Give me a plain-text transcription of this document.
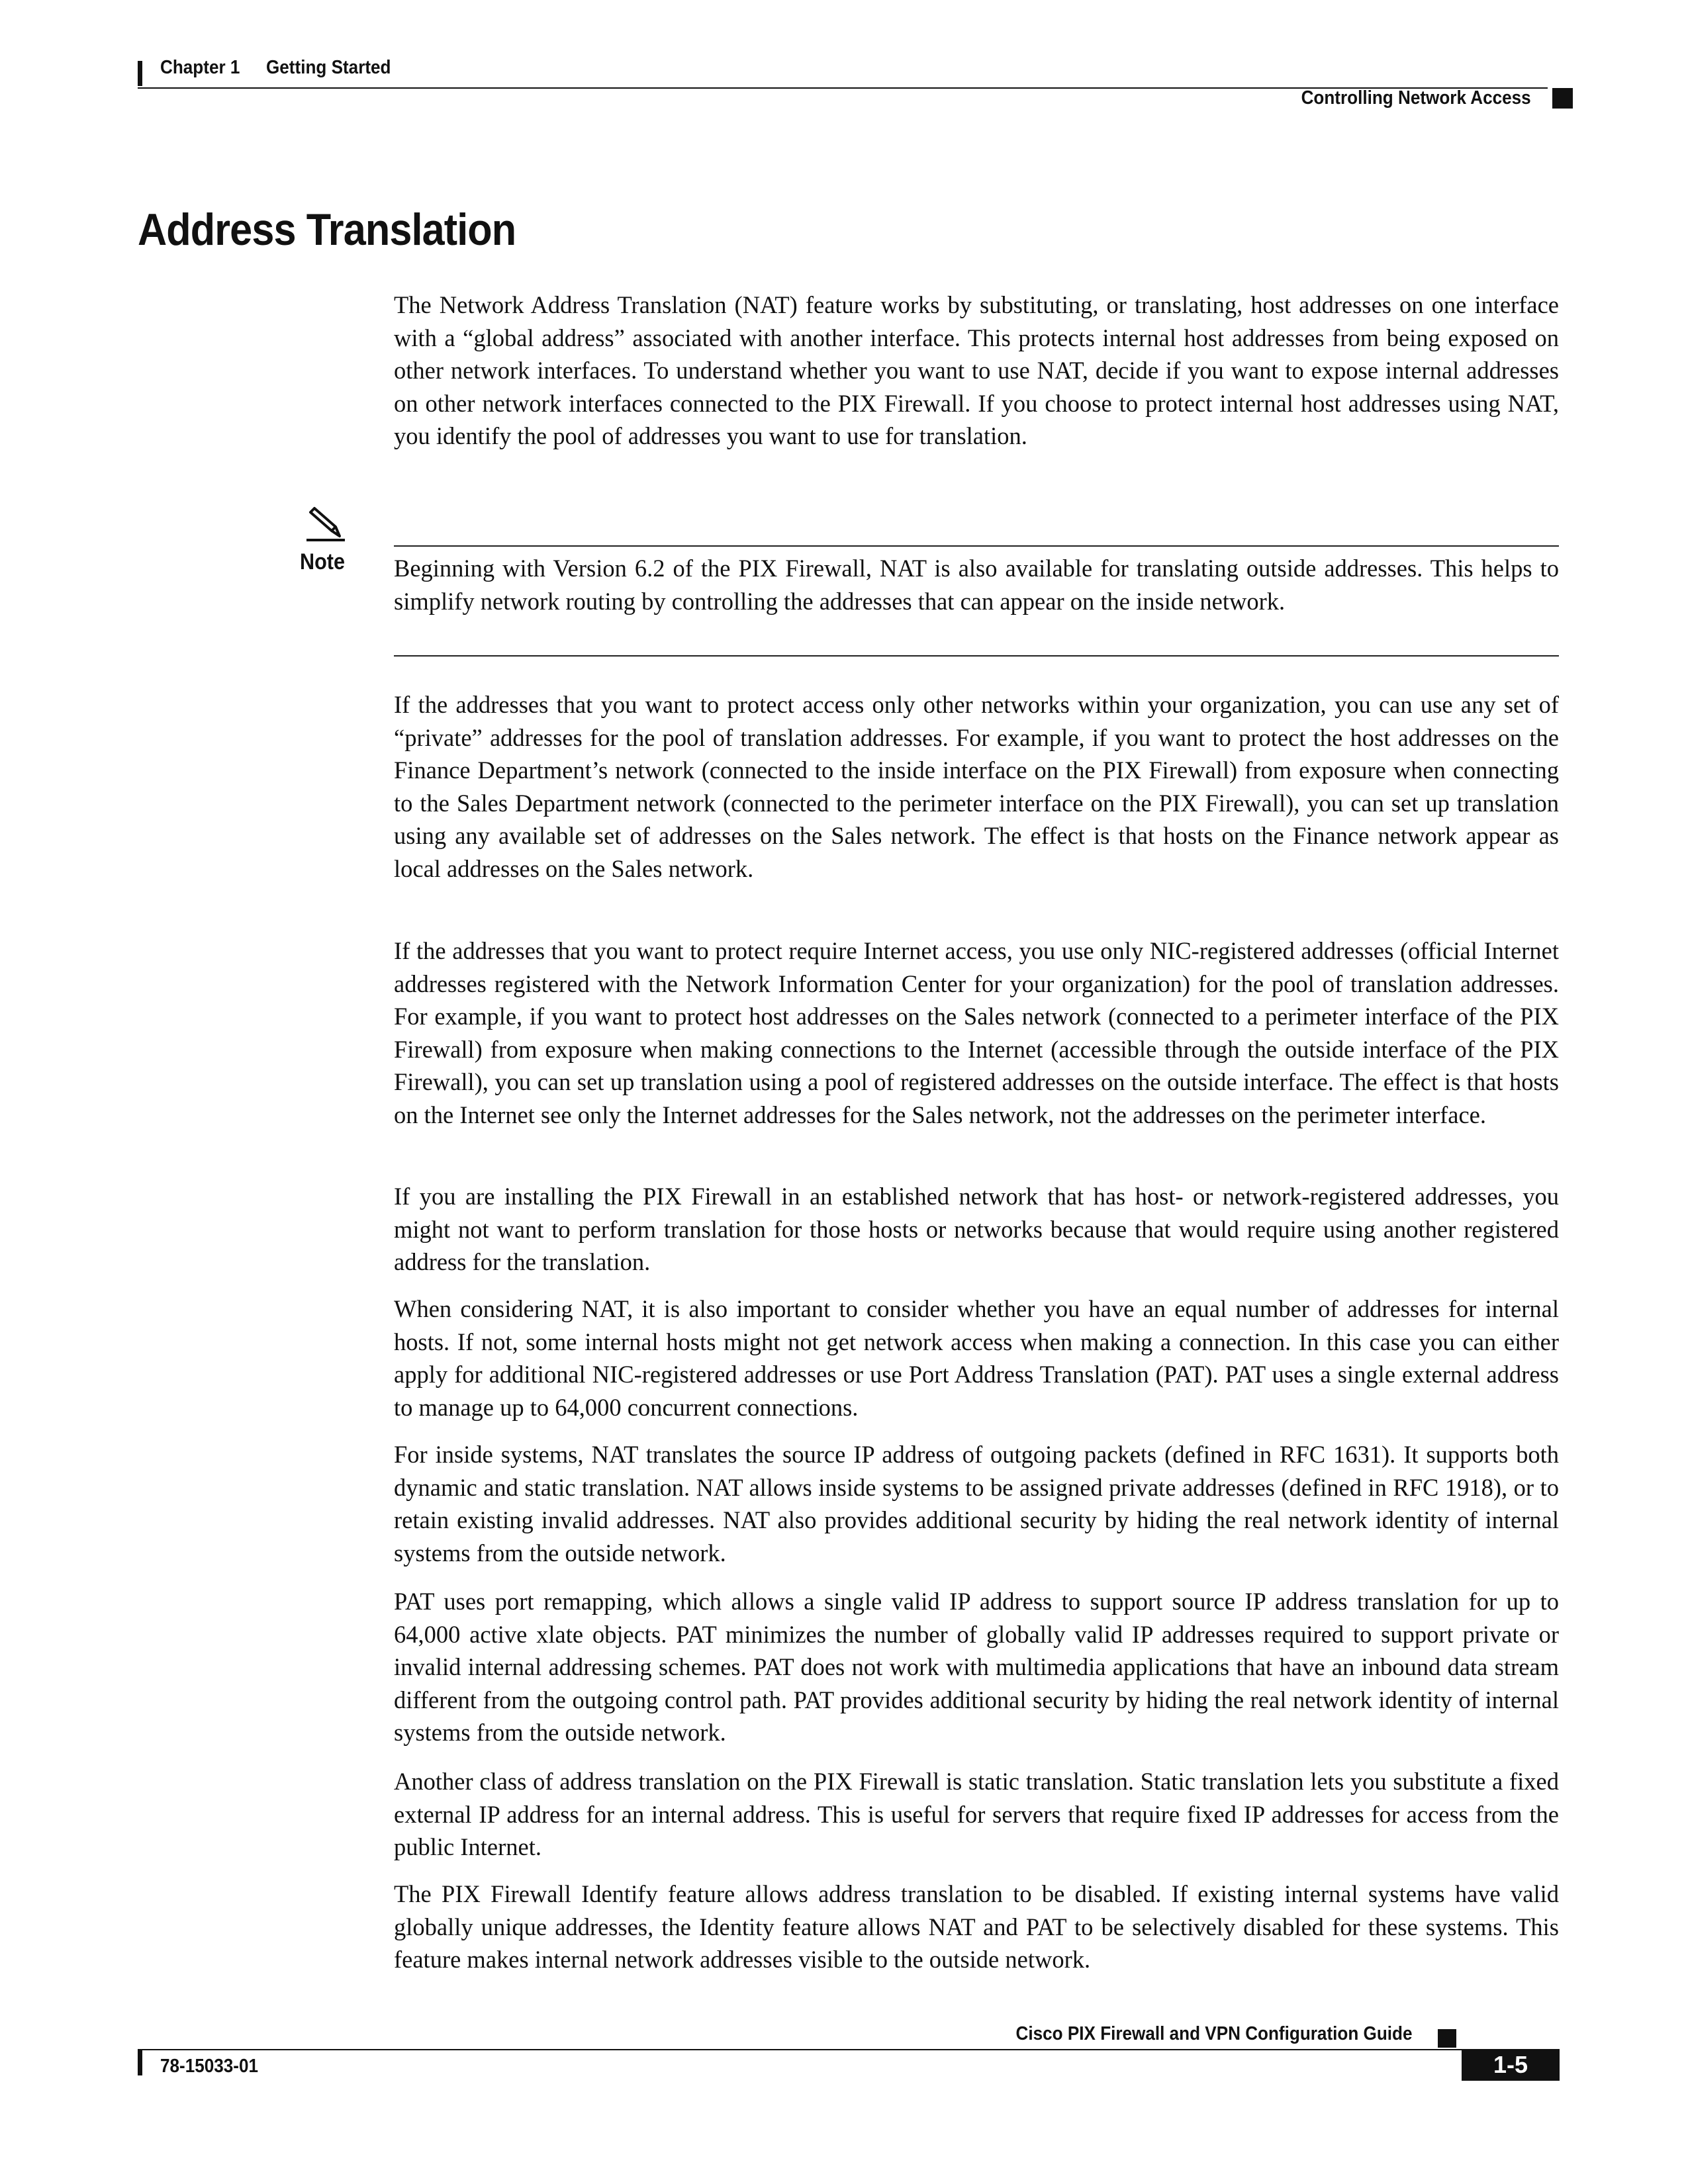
Chapter 1 Getting Started
Controlling Network Access
Address Translation

The Network Address Translation (NAT) feature works by substituting, or translating, host addresses on one interface with a “global address” associated with another interface. This protects internal host addresses from being exposed on other network interfaces. To understand whether you want to use NAT, decide if you want to expose internal addresses on other network interfaces connected to the PIX Firewall. If you choose to protect internal host addresses using NAT, you identify the pool of addresses you want to use for translation.

Note Beginning with Version 6.2 of the PIX Firewall, NAT is also available for translating outside addresses. This helps to simplify network routing by controlling the addresses that can appear on the inside network.

If the addresses that you want to protect access only other networks within your organization, you can use any set of “private” addresses for the pool of translation addresses. For example, if you want to protect the host addresses on the Finance Department’s network (connected to the inside interface on the PIX Firewall) from exposure when connecting to the Sales Department network (connected to the perimeter interface on the PIX Firewall), you can set up translation using any available set of addresses on the Sales network. The effect is that hosts on the Finance network appear as local addresses on the Sales network.

If the addresses that you want to protect require Internet access, you use only NIC-registered addresses (official Internet addresses registered with the Network Information Center for your organization) for the pool of translation addresses. For example, if you want to protect host addresses on the Sales network (connected to a perimeter interface of the PIX Firewall) from exposure when making connections to the Internet (accessible through the outside interface of the PIX Firewall), you can set up translation using a pool of registered addresses on the outside interface. The effect is that hosts on the Internet see only the Internet addresses for the Sales network, not the addresses on the perimeter interface.

If you are installing the PIX Firewall in an established network that has host- or network-registered addresses, you might not want to perform translation for those hosts or networks because that would require using another registered address for the translation.

When considering NAT, it is also important to consider whether you have an equal number of addresses for internal hosts. If not, some internal hosts might not get network access when making a connection. In this case you can either apply for additional NIC-registered addresses or use Port Address Translation (PAT). PAT uses a single external address to manage up to 64,000 concurrent connections.

For inside systems, NAT translates the source IP address of outgoing packets (defined in RFC 1631). It supports both dynamic and static translation. NAT allows inside systems to be assigned private addresses (defined in RFC 1918), or to retain existing invalid addresses. NAT also provides additional security by hiding the real network identity of internal systems from the outside network.

PAT uses port remapping, which allows a single valid IP address to support source IP address translation for up to 64,000 active xlate objects. PAT minimizes the number of globally valid IP addresses required to support private or invalid internal addressing schemes. PAT does not work with multimedia applications that have an inbound data stream different from the outgoing control path. PAT provides additional security by hiding the real network identity of internal systems from the outside network.

Another class of address translation on the PIX Firewall is static translation. Static translation lets you substitute a fixed external IP address for an internal address. This is useful for servers that require fixed IP addresses for access from the public Internet.

The PIX Firewall Identify feature allows address translation to be disabled. If existing internal systems have valid globally unique addresses, the Identity feature allows NAT and PAT to be selectively disabled for these systems. This feature makes internal network addresses visible to the outside network.

Cisco PIX Firewall and VPN Configuration Guide
78-15033-01	1-5
